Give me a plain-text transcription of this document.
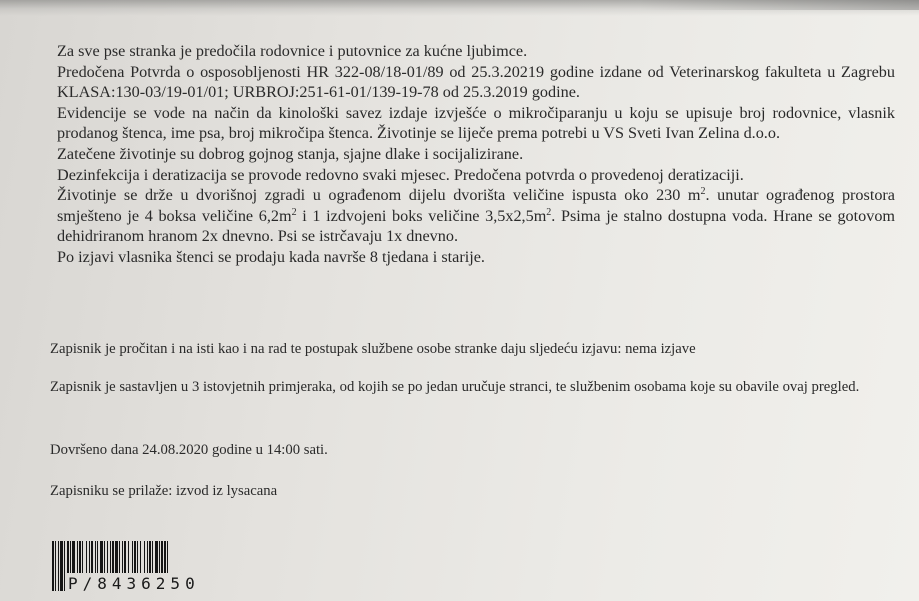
Za sve pse stranka je predočila rodovnice i putovnice za kućne ljubimce.

Predočena Potvrda o osposobljenosti HR 322-08/18-01/89 od 25.3.20219 godine izdane od Veterinarskog fakulteta u Zagrebu KLASA:130-03/19-01/01; URBROJ:251-61-01/139-19-78 od 25.3.2019 godine.

Evidencije se vode na način da kinološki savez izdaje izvješće o mikročiparanju u koju se upisuje broj rodovnice, vlasnik prodanog štenca, ime psa, broj mikročipa štenca. Životinje se liječe prema potrebi u VS Sveti Ivan Zelina d.o.o.

Zatečene životinje su dobrog gojnog stanja, sjajne dlake i socijalizirane.

Dezinfekcija i deratizacija se provode redovno svaki mjesec. Predočena potvrda o provedenoj deratizaciji.

Životinje se drže u dvorišnoj zgradi u ograđenom dijelu dvorišta veličine ispusta oko 230 $m^2$. unutar ograđenog prostora smješteno je 4 boksa veličine $6,2m^2$ i 1 izdvojeni boks veličine $3,5x2,5m^2$. Psima je stalno dostupna voda. Hrane se gotovom dehidriranom hranom 2x dnevno. Psi se istrčavaju 1x dnevno.

Po izjavi vlasnika štenci se prodaju kada navrše 8 tjedana i starije.

Zapisnik je pročitan i na isti kao i na rad te postupak službene osobe stranke daju sljedeću izjavu: nema izjave

Zapisnik je sastavljen u 3 istovjetnih primjeraka, od kojih se po jedan uručuje stranci, te službenim osobama koje su obavile ovaj pregled.

Dovršeno dana 24.08.2020 godine u 14:00 sati.

Zapisniku se prilaže: izvod iz lysacana

P/8436250
